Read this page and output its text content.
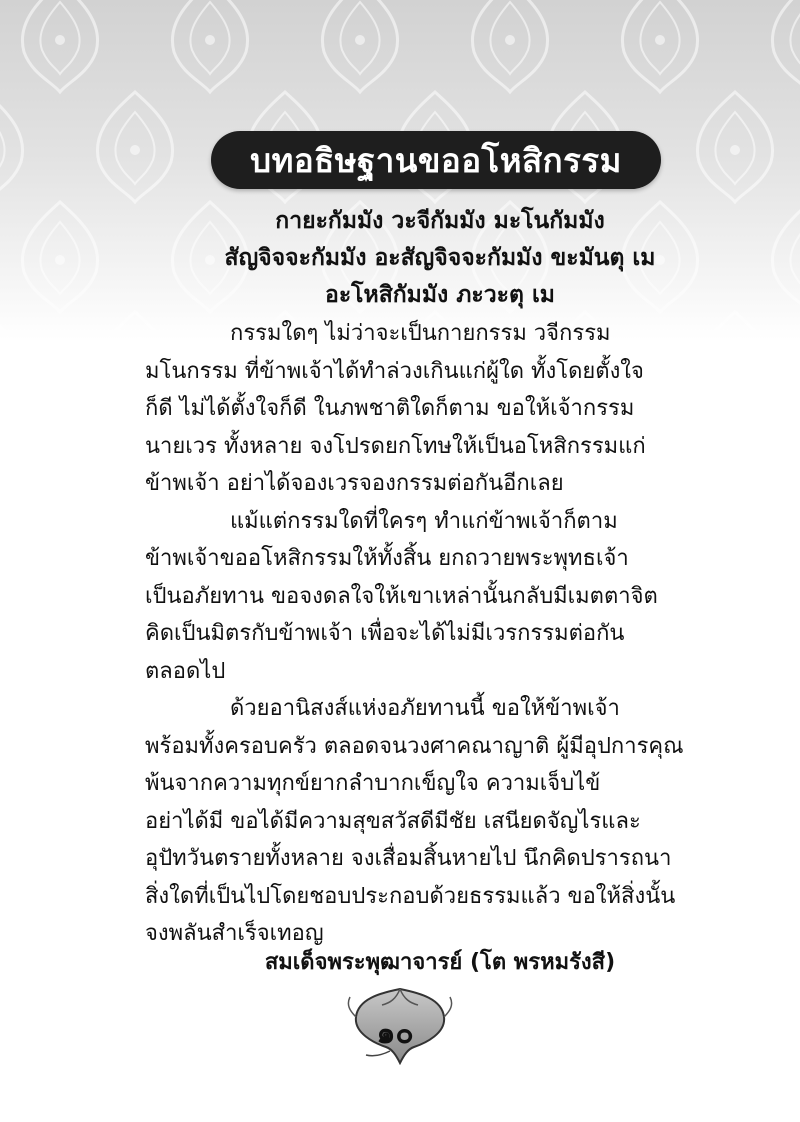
บทอธิษฐานขออโหสิกรรม
กายะกัมมัง วะจีกัมมัง มะโนกัมมัง
สัญจิจจะกัมมัง อะสัญจิจจะกัมมัง ขะมันตุ เม
อะโหสิกัมมัง ภะวะตุ เม

กรรมใดๆ ไม่ว่าจะเป็นกายกรรม วจีกรรม
มโนกรรม ที่ข้าพเจ้าได้ทำล่วงเกินแก่ผู้ใด ทั้งโดยตั้งใจ
ก็ดี ไม่ได้ตั้งใจก็ดี ในภพชาติใดก็ตาม ขอให้เจ้ากรรม
นายเวร ทั้งหลาย จงโปรดยกโทษให้เป็นอโหสิกรรมแก่
ข้าพเจ้า อย่าได้จองเวรจองกรรมต่อกันอีกเลย

แม้แต่กรรมใดที่ใครๆ ทำแก่ข้าพเจ้าก็ตาม
ข้าพเจ้าขออโหสิกรรมให้ทั้งสิ้น ยกถวายพระพุทธเจ้า
เป็นอภัยทาน ขอจงดลใจให้เขาเหล่านั้นกลับมีเมตตาจิต
คิดเป็นมิตรกับข้าพเจ้า เพื่อจะได้ไม่มีเวรกรรมต่อกัน
ตลอดไป

ด้วยอานิสงส์แห่งอภัยทานนี้ ขอให้ข้าพเจ้า
พร้อมทั้งครอบครัว ตลอดจนวงศาคณาญาติ ผู้มีอุปการคุณ
พ้นจากความทุกข์ยากลำบากเข็ญใจ ความเจ็บไข้
อย่าได้มี ขอได้มีความสุขสวัสดีมีชัย เสนียดจัญไรและ
อุปัทวันตรายทั้งหลาย จงเสื่อมสิ้นหายไป นึกคิดปรารถนา
สิ่งใดที่เป็นไปโดยชอบประกอบด้วยธรรมแล้ว ขอให้สิ่งนั้น
จงพลันสำเร็จเทอญ

สมเด็จพระพุฒาจารย์ (โต พรหมรังสี)
๑๐
